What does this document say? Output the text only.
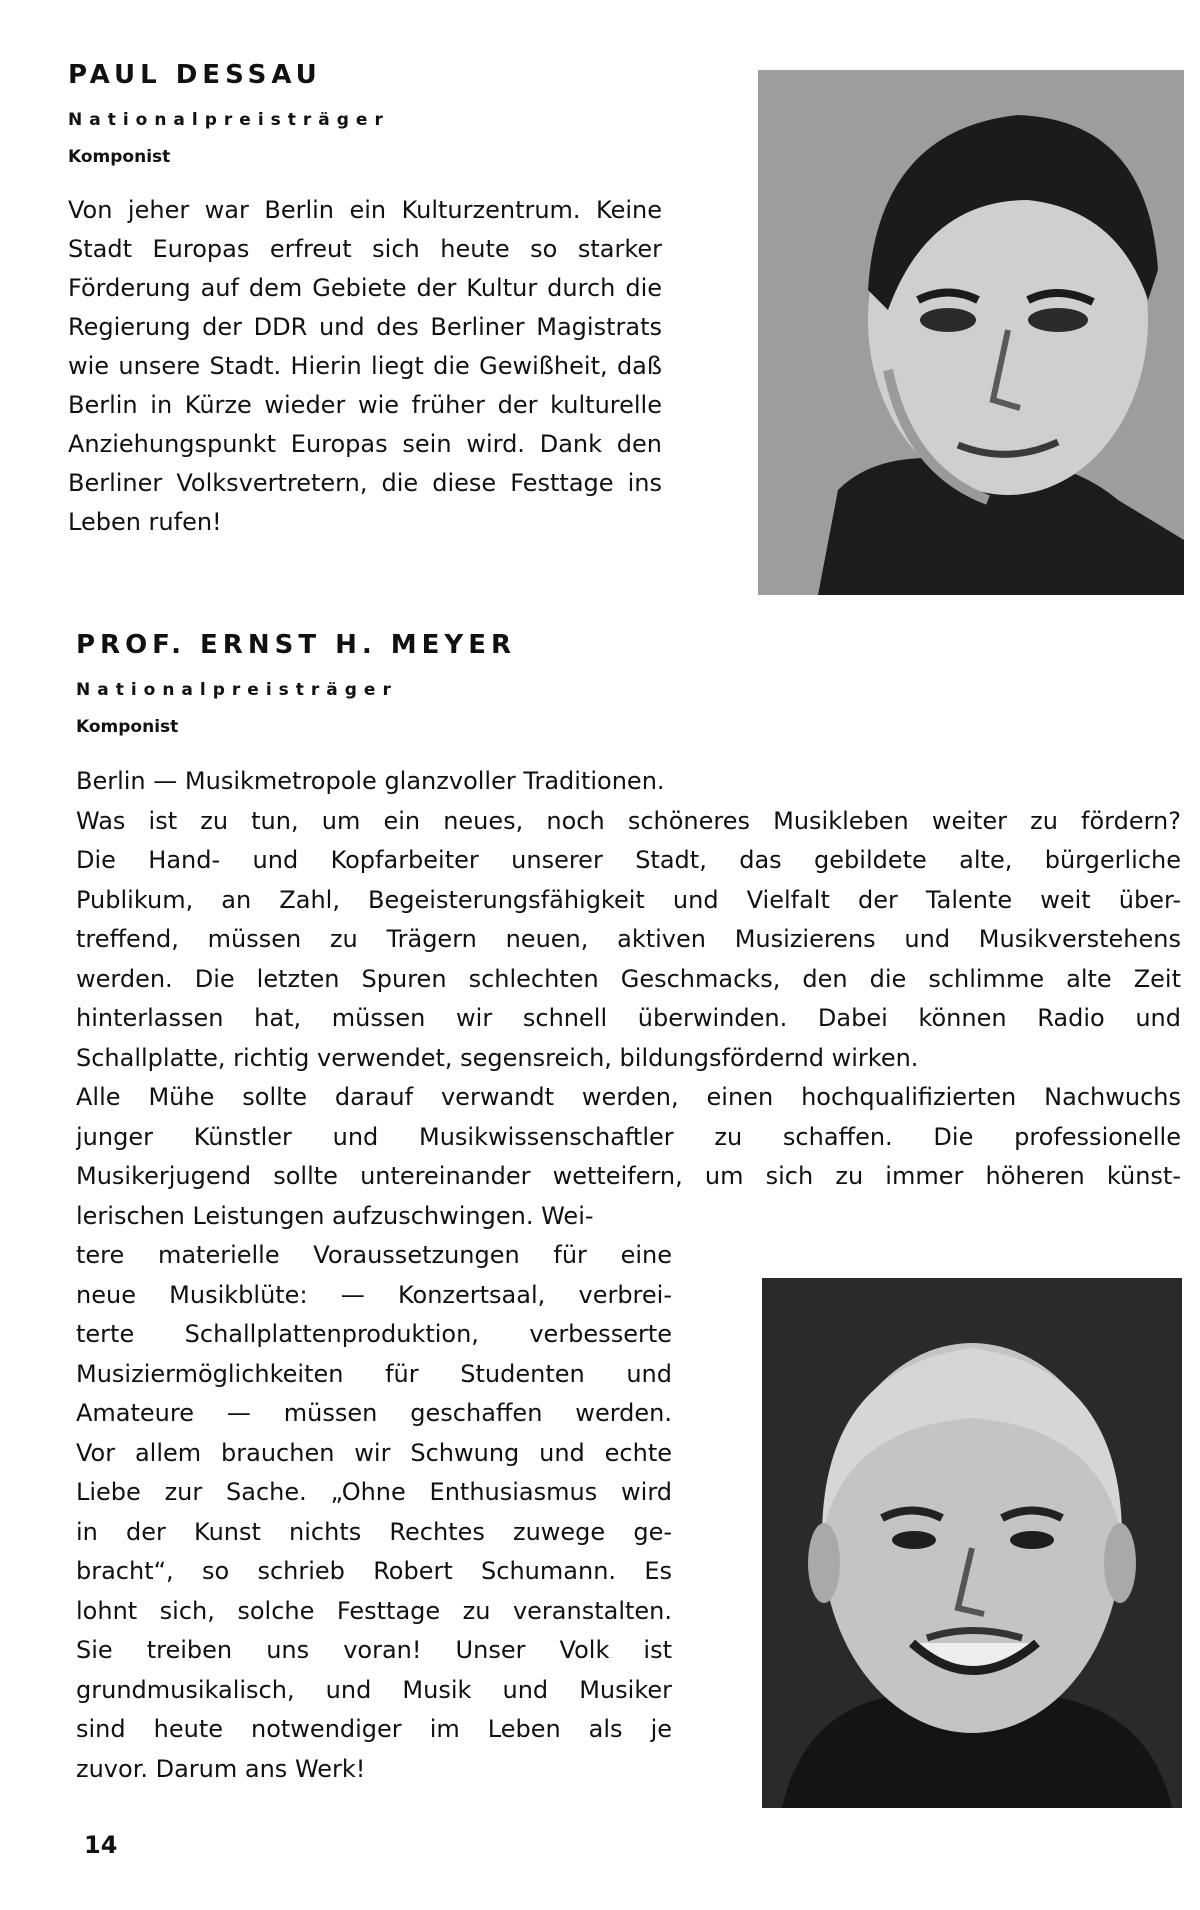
PAUL DESSAU
Nationalpreisträger
Komponist
Von jeher war Berlin ein Kulturzentrum. Keine Stadt Europas erfreut sich heute so starker Förderung auf dem Gebiete der Kultur durch die Regierung der DDR und des Berliner Magistrats wie unsere Stadt. Hierin liegt die Gewißheit, daß Berlin in Kürze wieder wie früher der kulturelle Anziehungspunkt Europas sein wird. Dank den Berliner Volksvertretern, die diese Festtage ins Leben rufen!
PROF. ERNST H. MEYER
Nationalpreisträger
Komponist
Berlin — Musikmetropole glanzvoller Traditionen.
Was ist zu tun, um ein neues, noch schöneres Musikleben weiter zu fördern?
Die Hand- und Kopfarbeiter unserer Stadt, das gebildete alte, bürgerliche
Publikum, an Zahl, Begeisterungsfähigkeit und Vielfalt der Talente weit über-
treffend, müssen zu Trägern neuen, aktiven Musizierens und Musikverstehens
werden. Die letzten Spuren schlechten Geschmacks, den die schlimme alte Zeit
hinterlassen hat, müssen wir schnell überwinden. Dabei können Radio und
Schallplatte, richtig verwendet, segensreich, bildungsfördernd wirken.
Alle Mühe sollte darauf verwandt werden, einen hochqualifizierten Nachwuchs
junger Künstler und Musikwissenschaftler zu schaffen. Die professionelle
Musikerjugend sollte untereinander wetteifern, um sich zu immer höheren künst-
lerischen Leistungen aufzuschwingen. Wei-
tere materielle Voraussetzungen für eine
neue Musikblüte: — Konzertsaal, verbrei-
terte Schallplattenproduktion, verbesserte
Musiziermöglichkeiten für Studenten und
Amateure — müssen geschaffen werden.
Vor allem brauchen wir Schwung und echte
Liebe zur Sache. „Ohne Enthusiasmus wird
in der Kunst nichts Rechtes zuwege ge-
bracht“, so schrieb Robert Schumann. Es
lohnt sich, solche Festtage zu veranstalten.
Sie treiben uns voran! Unser Volk ist
grundmusikalisch, und Musik und Musiker
sind heute notwendiger im Leben als je
zuvor. Darum ans Werk!
14
